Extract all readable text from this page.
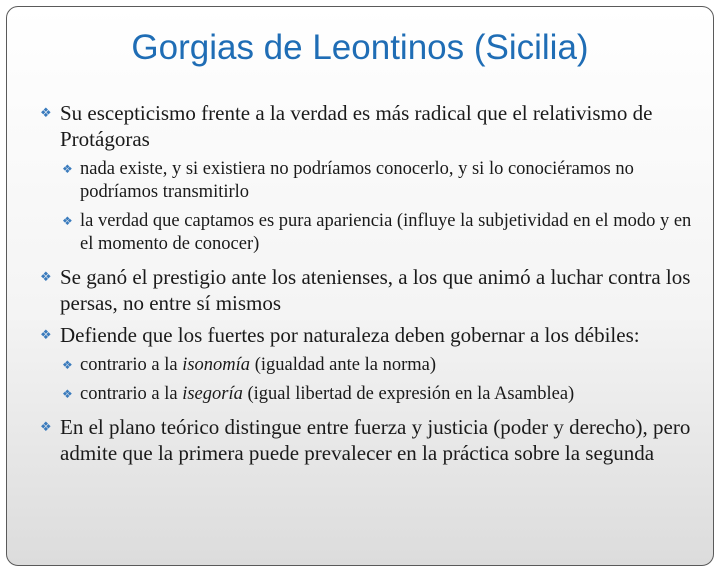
Gorgias de Leontinos (Sicilia)
❖ Su escepticismo frente a la verdad es más radical que el relativismo de Protágoras
❖ nada existe, y si existiera no podríamos conocerlo, y si lo conociéramos no podríamos transmitirlo
❖ la verdad que captamos es pura apariencia (influye la subjetividad en el modo y en el momento de conocer)
❖ Se ganó el prestigio ante los atenienses, a los que animó a luchar contra los persas, no entre sí mismos
❖ Defiende que los fuertes por naturaleza deben gobernar a los débiles:
❖ contrario a la isonomía (igualdad ante la norma)
❖ contrario a la isegoría (igual libertad de expresión en la Asamblea)
❖ En el plano teórico distingue entre fuerza y justicia (poder y derecho), pero admite que la primera puede prevalecer en la práctica sobre la segunda
